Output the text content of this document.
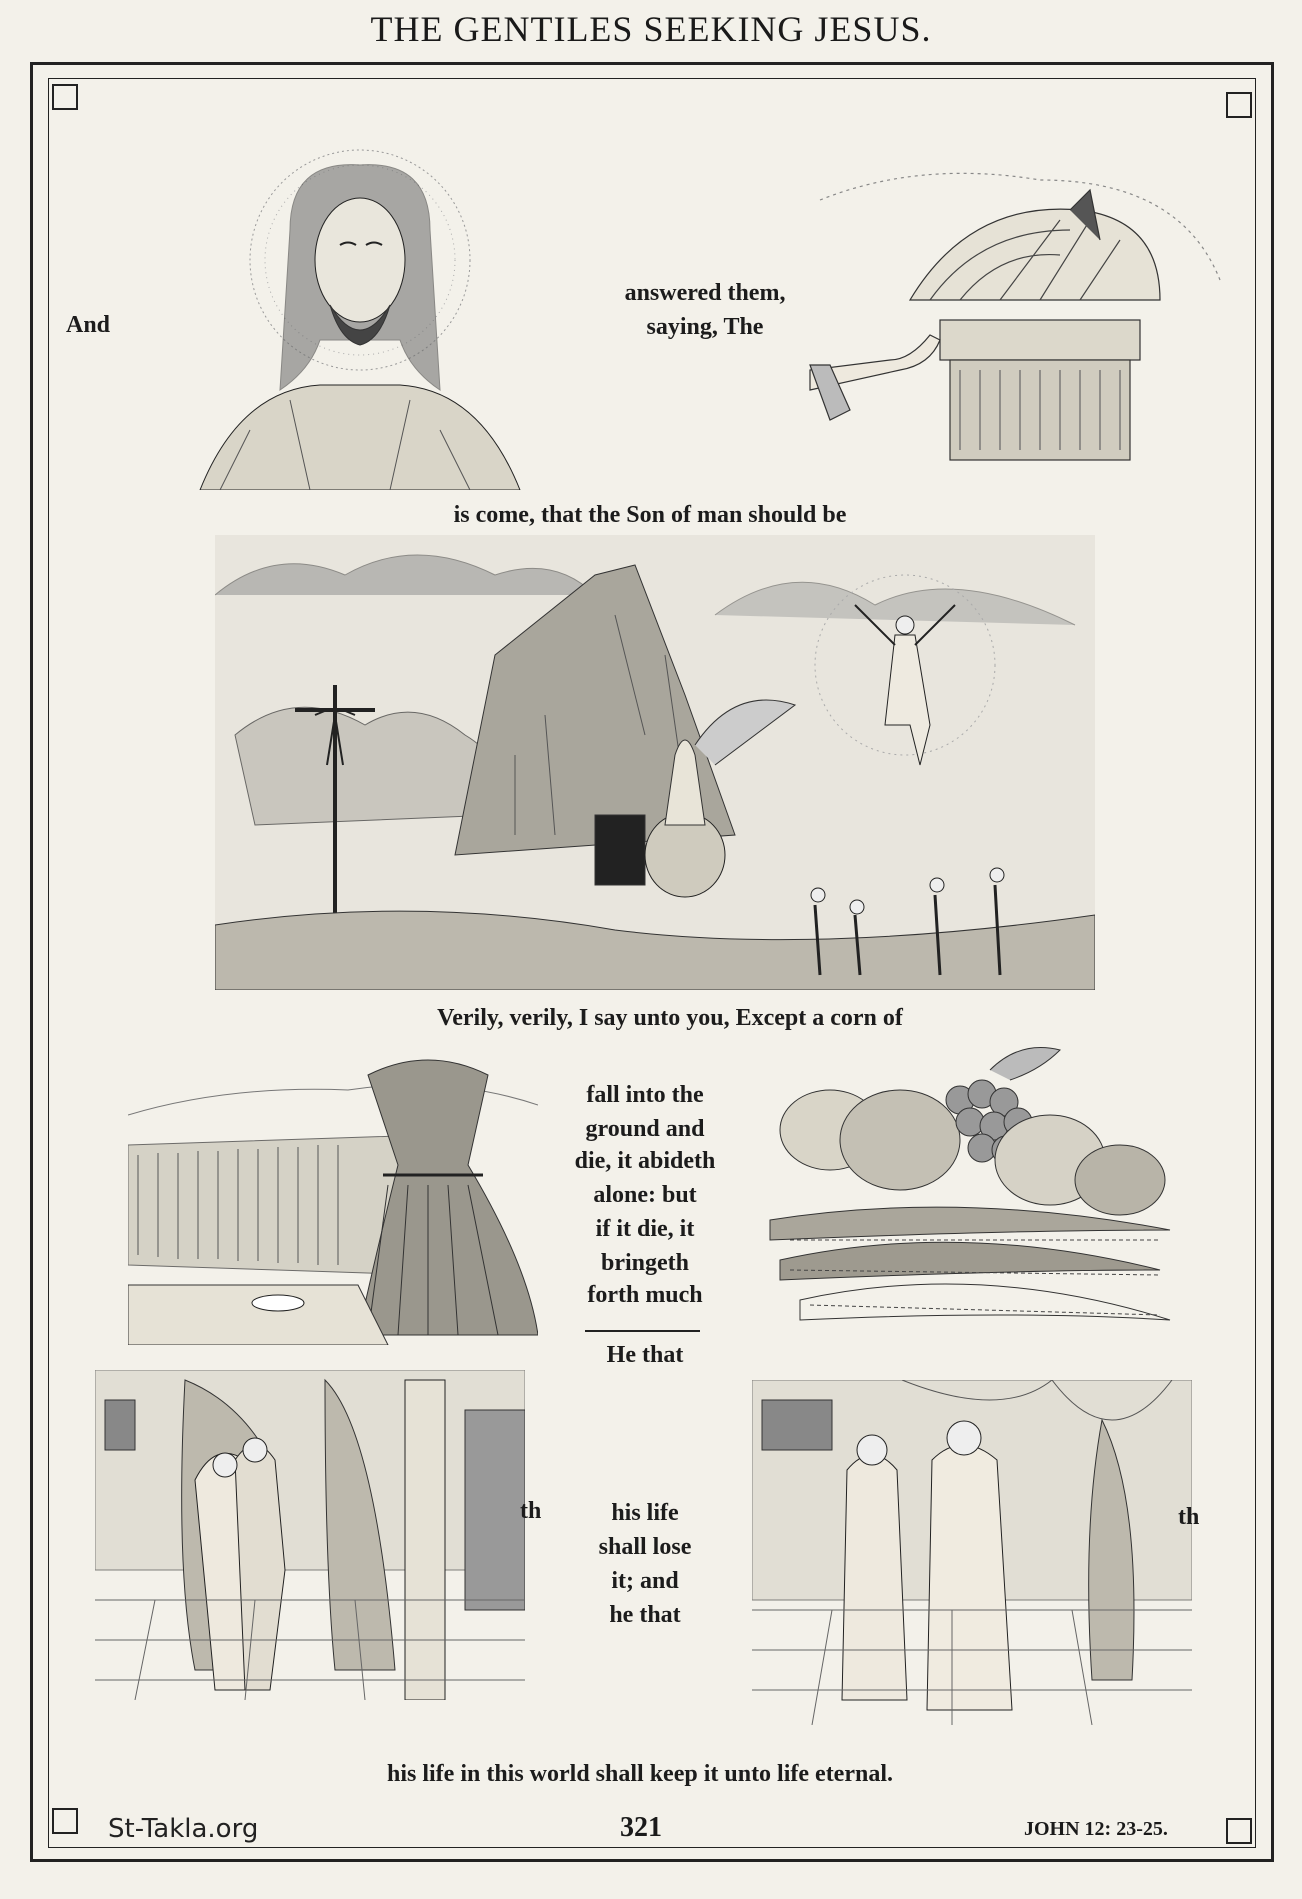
THE GENTILES SEEKING JESUS.
And
answered them,
saying, The
is come, that the Son of man should be
Verily, verily, I say unto you, Except a corn of
fall into the
ground and
die, it abideth
alone: but
if it die, it
bringeth
forth much
He that
th	his life
shall lose
it; and
he that
th
his life in this world shall keep it unto life eternal.
St-Takla.org	321	JOHN 12: 23-25.
